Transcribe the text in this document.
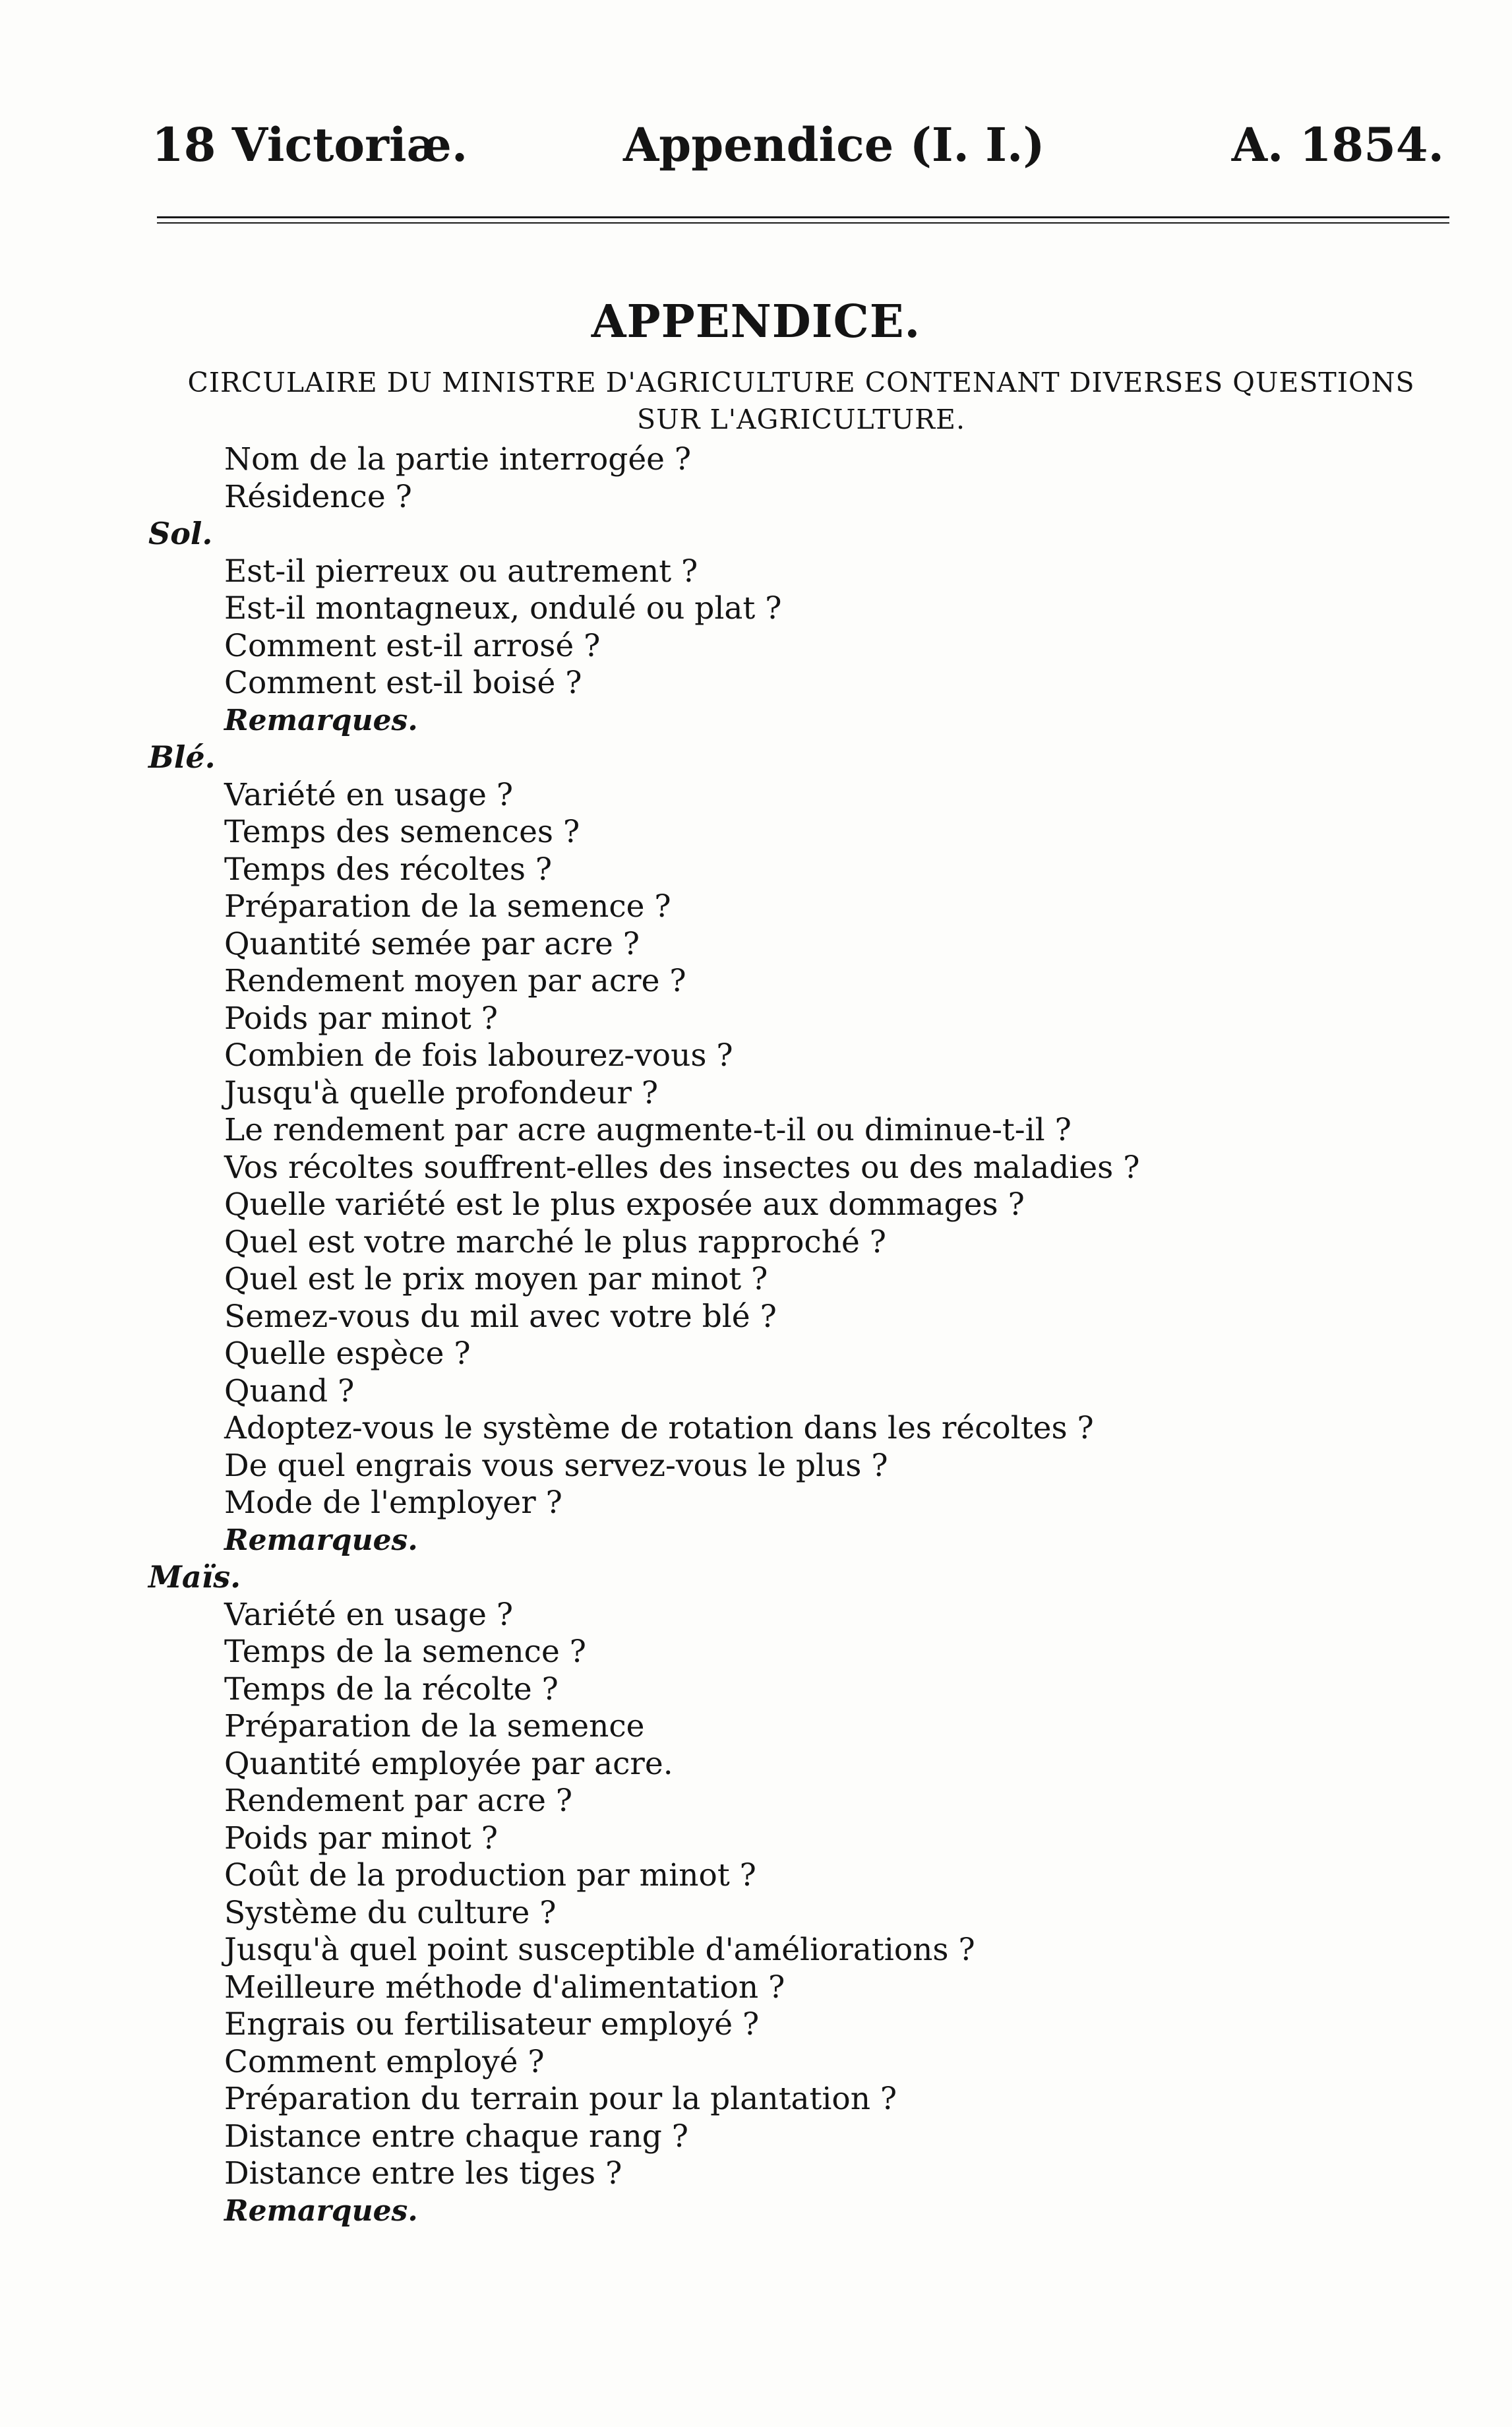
18 Victoriæ.	Appendice (I. I.)	A. 1854.
APPENDICE.
CIRCULAIRE DU MINISTRE D'AGRICULTURE CONTENANT DIVERSES QUESTIONS
SUR L'AGRICULTURE.
Nom de la partie interrogée ?
Résidence ?
Sol.
Est-il pierreux ou autrement ?
Est-il montagneux, ondulé ou plat ?
Comment est-il arrosé ?
Comment est-il boisé ?
Remarques.
Blé.
Variété en usage ?
Temps des semences ?
Temps des récoltes ?
Préparation de la semence ?
Quantité semée par acre ?
Rendement moyen par acre ?
Poids par minot ?
Combien de fois labourez-vous ?
Jusqu'à quelle profondeur ?
Le rendement par acre augmente-t-il ou diminue-t-il ?
Vos récoltes souffrent-elles des insectes ou des maladies ?
Quelle variété est le plus exposée aux dommages ?
Quel est votre marché le plus rapproché ?
Quel est le prix moyen par minot ?
Semez-vous du mil avec votre blé ?
Quelle espèce ?
Quand ?
Adoptez-vous le système de rotation dans les récoltes ?
De quel engrais vous servez-vous le plus ?
Mode de l'employer ?
Remarques.
Maïs.
Variété en usage ?
Temps de la semence ?
Temps de la récolte ?
Préparation de la semence
Quantité employée par acre.
Rendement par acre ?
Poids par minot ?
Coût de la production par minot ?
Système du culture ?
Jusqu'à quel point susceptible d'améliorations ?
Meilleure méthode d'alimentation ?
Engrais ou fertilisateur employé ?
Comment employé ?
Préparation du terrain pour la plantation ?
Distance entre chaque rang ?
Distance entre les tiges ?
Remarques.
